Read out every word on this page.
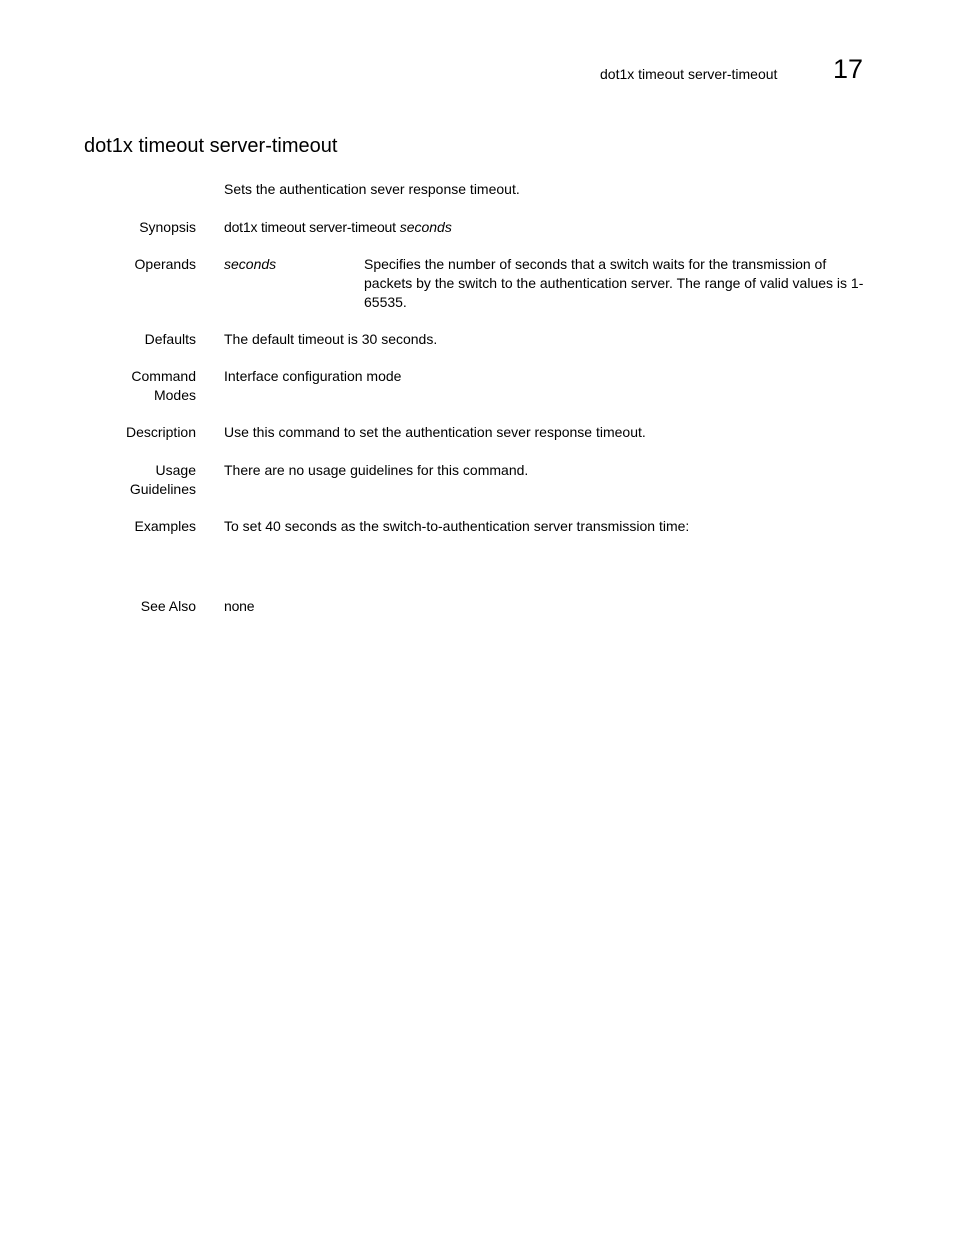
dot1x timeout server-timeout 17
dot1x timeout server-timeout
Sets the authentication sever response timeout.
Synopsis dot1x timeout server-timeout seconds
Operands seconds	Specifies the number of seconds that a switch waits for the transmission of packets by the switch to the authentication server. The range of valid values is 1-65535.
Defaults The default timeout is 30 seconds.
Command
Modes
Interface configuration mode
Description Use this command to set the authentication sever response timeout.
Usage
Guidelines
There are no usage guidelines for this command.
Examples To set 40 seconds as the switch-to-authentication server transmission time:
See Also none
